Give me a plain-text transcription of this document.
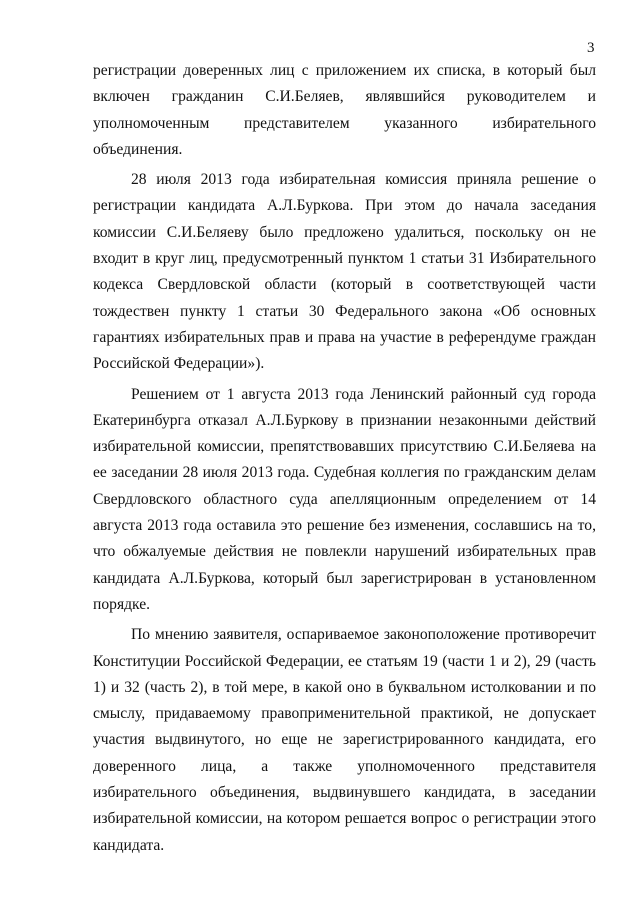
3

регистрации доверенных лиц с приложением их списка, в который был включен гражданин С.И.Беляев, являвшийся руководителем и уполномоченным представителем указанного избирательного объединения.

28 июля 2013 года избирательная комиссия приняла решение о регистрации кандидата А.Л.Буркова. При этом до начала заседания комиссии С.И.Беляеву было предложено удалиться, поскольку он не входит в круг лиц, предусмотренный пунктом 1 статьи 31 Избирательного кодекса Свердловской области (который в соответствующей части тождествен пункту 1 статьи 30 Федерального закона «Об основных гарантиях избирательных прав и права на участие в референдуме граждан Российской Федерации»).

Решением от 1 августа 2013 года Ленинский районный суд города Екатеринбурга отказал А.Л.Буркову в признании незаконными действий избирательной комиссии, препятствовавших присутствию С.И.Беляева на ее заседании 28 июля 2013 года. Судебная коллегия по гражданским делам Свердловского областного суда апелляционным определением от 14 августа 2013 года оставила это решение без изменения, сославшись на то, что обжалуемые действия не повлекли нарушений избирательных прав кандидата А.Л.Буркова, который был зарегистрирован в установленном порядке.

По мнению заявителя, оспариваемое законоположение противоречит Конституции Российской Федерации, ее статьям 19 (части 1 и 2), 29 (часть 1) и 32 (часть 2), в той мере, в какой оно в буквальном истолковании и по смыслу, придаваемому правоприменительной практикой, не допускает участия выдвинутого, но еще не зарегистрированного кандидата, его доверенного лица, а также уполномоченного представителя избирательного объединения, выдвинувшего кандидата, в заседании избирательной комиссии, на котором решается вопрос о регистрации этого кандидата.
